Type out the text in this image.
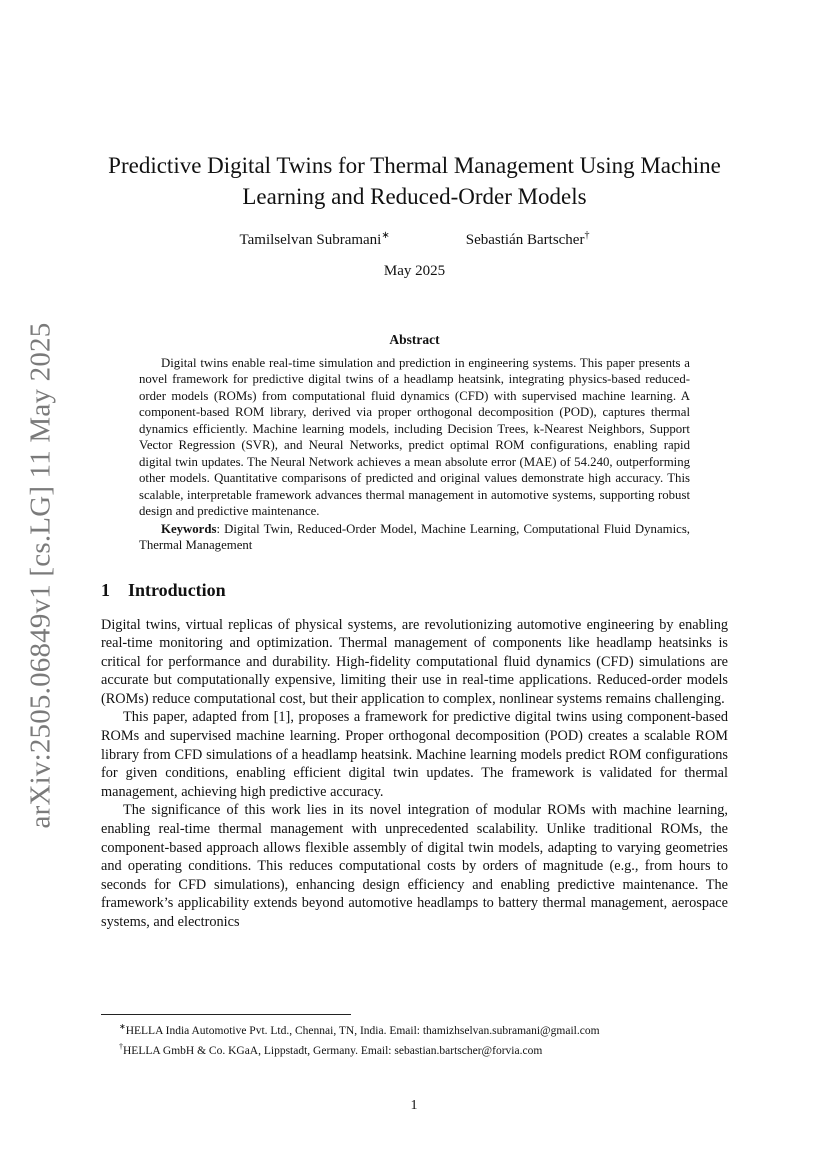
arXiv:2505.06849v1 [cs.LG] 11 May 2025
Predictive Digital Twins for Thermal Management Using Machine Learning and Reduced-Order Models
Tamilselvan Subramani∗	Sebastián Bartscher†
May 2025
Abstract

Digital twins enable real-time simulation and prediction in engineering systems. This paper presents a novel framework for predictive digital twins of a headlamp heatsink, integrating physics-based reduced-order models (ROMs) from computational fluid dynamics (CFD) with supervised machine learning. A component-based ROM library, derived via proper orthogonal decomposition (POD), captures thermal dynamics efficiently. Machine learning models, including Decision Trees, k-Nearest Neighbors, Support Vector Regression (SVR), and Neural Networks, predict optimal ROM configurations, enabling rapid digital twin updates. The Neural Network achieves a mean absolute error (MAE) of 54.240, outperforming other models. Quantitative comparisons of predicted and original values demonstrate high accuracy. This scalable, interpretable framework advances thermal management in automotive systems, supporting robust design and predictive maintenance.

Keywords: Digital Twin, Reduced-Order Model, Machine Learning, Computational Fluid Dynamics, Thermal Management

1 Introduction

Digital twins, virtual replicas of physical systems, are revolutionizing automotive engineering by enabling real-time monitoring and optimization. Thermal management of components like headlamp heatsinks is critical for performance and durability. High-fidelity computational fluid dynamics (CFD) simulations are accurate but computationally expensive, limiting their use in real-time applications. Reduced-order models (ROMs) reduce computational cost, but their application to complex, nonlinear systems remains challenging.

This paper, adapted from [1], proposes a framework for predictive digital twins using component-based ROMs and supervised machine learning. Proper orthogonal decomposition (POD) creates a scalable ROM library from CFD simulations of a headlamp heatsink. Machine learning models predict ROM configurations for given conditions, enabling efficient digital twin updates. The framework is validated for thermal management, achieving high predictive accuracy.

The significance of this work lies in its novel integration of modular ROMs with machine learning, enabling real-time thermal management with unprecedented scalability. Unlike traditional ROMs, the component-based approach allows flexible assembly of digital twin models, adapting to varying geometries and operating conditions. This reduces computational costs by orders of magnitude (e.g., from hours to seconds for CFD simulations), enhancing design efficiency and enabling predictive maintenance. The framework’s applicability extends beyond automotive headlamps to battery thermal management, aerospace systems, and electronics

∗HELLA India Automotive Pvt. Ltd., Chennai, TN, India. Email: thamizhselvan.subramani@gmail.com
†HELLA GmbH & Co. KGaA, Lippstadt, Germany. Email: sebastian.bartscher@forvia.com
1
